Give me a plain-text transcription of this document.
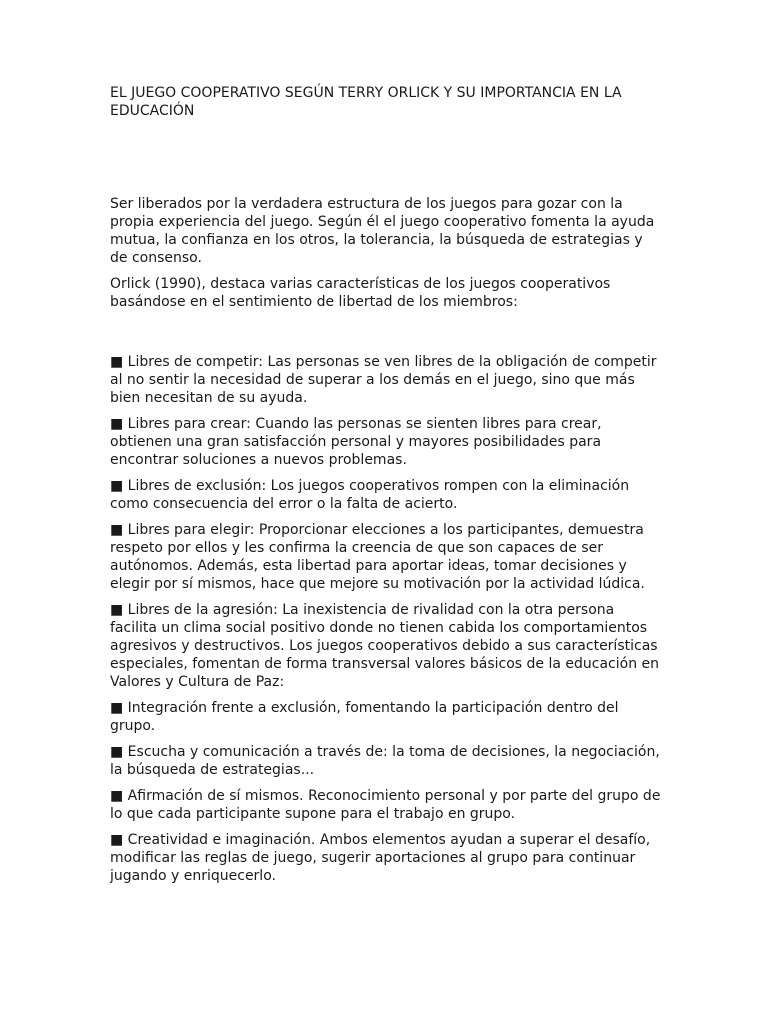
EL JUEGO COOPERATIVO SEGÚN TERRY ORLICK Y SU IMPORTANCIA EN LA EDUCACIÓN

Ser liberados por la verdadera estructura de los juegos para gozar con la propia experiencia del juego. Según él el juego cooperativo fomenta la ayuda mutua, la confianza en los otros, la tolerancia, la búsqueda de estrategias y de consenso.

Orlick (1990), destaca varias características de los juegos cooperativos basándose en el sentimiento de libertad de los miembros:

■ Libres de competir: Las personas se ven libres de la obligación de competir al no sentir la necesidad de superar a los demás en el juego, sino que más bien necesitan de su ayuda.

■ Libres para crear: Cuando las personas se sienten libres para crear, obtienen una gran satisfacción personal y mayores posibilidades para encontrar soluciones a nuevos problemas.

■ Libres de exclusión: Los juegos cooperativos rompen con la eliminación como consecuencia del error o la falta de acierto.

■ Libres para elegir: Proporcionar elecciones a los participantes, demuestra respeto por ellos y les confirma la creencia de que son capaces de ser autónomos. Además, esta libertad para aportar ideas, tomar decisiones y elegir por sí mismos, hace que mejore su motivación por la actividad lúdica.

■ Libres de la agresión: La inexistencia de rivalidad con la otra persona facilita un clima social positivo donde no tienen cabida los comportamientos agresivos y destructivos. Los juegos cooperativos debido a sus características especiales, fomentan de forma transversal valores básicos de la educación en Valores y Cultura de Paz:

■ Integración frente a exclusión, fomentando la participación dentro del grupo.

■ Escucha y comunicación a través de: la toma de decisiones, la negociación, la búsqueda de estrategias...

■ Afirmación de sí mismos. Reconocimiento personal y por parte del grupo de lo que cada participante supone para el trabajo en grupo.

■ Creatividad e imaginación. Ambos elementos ayudan a superar el desafío, modificar las reglas de juego, sugerir aportaciones al grupo para continuar jugando y enriquecerlo.
